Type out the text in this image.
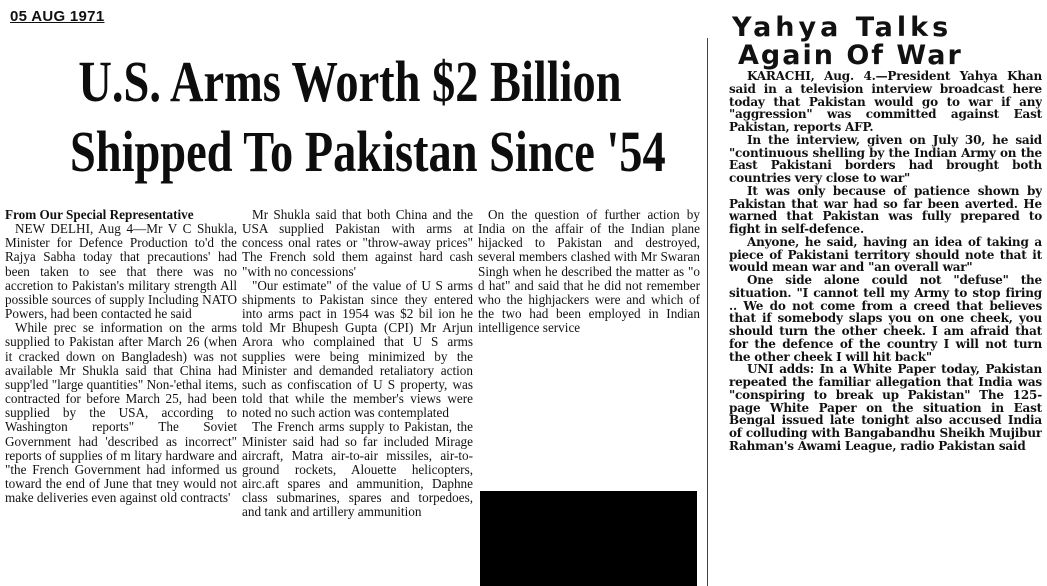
05 AUG 1971
U.S. Arms Worth $2 Billion
Shipped To Pakistan Since '54

From Our Special Representative

NEW DELHI, Aug 4—Mr V C Shukla, Minister for Defence Production to'd the Rajya Sabha today that precautions' had been taken to see that there was no accretion to Pakistan's military strength All possible sources of supply Including NATO Powers, had been contacted he said

While prec se information on the arms supplied to Pakistan after March 26 (when it cracked down on Bangladesh) was not available Mr Shukla said that China had supp'led "large quantities" Non-'ethal items, contracted for before March 25, had been supplied by the USA, according to Washington reports" The Soviet Government had 'described as incorrect" reports of supplies of m litary hardware and "the French Government had informed us toward the end of June that tney would not make deliveries even against old contracts'

Mr Shukla said that both China and the USA supplied Pakistan with arms at concess onal rates or "throw-away prices" The French sold them against hard cash "with no concessions'

"Our estimate" of the value of U S arms shipments to Pakistan since they entered into arms pact in 1954 was $2 bil ion he told Mr Bhupesh Gupta (CPI) Mr Arjun Arora who complained that U S arms supplies were being minimized by the Minister and demanded retaliatory action such as confiscation of U S property, was told that while the member's views were noted no such action was contemplated

The French arms supply to Pakistan, the Minister said had so far included Mirage aircraft, Matra air-to-air missiles, air-to-ground rockets, Alouette helicopters, airc.aft spares and ammunition, Daphne class submarines, spares and torpedoes, and tank and artillery ammunition

On the question of further action by India on the affair of the Indian plane hijacked to Pakistan and destroyed, several members clashed with Mr Swaran Singh when he described the matter as "o d hat" and said that he did not remember who the highjackers were and which of the two had been employed in Indian intelligence service

Yahya Talks
Again Of War

KARACHI, Aug. 4.—President Yahya Khan said in a television interview broadcast here today that Pakistan would go to war if any "aggression" was committed against East Pakistan, reports AFP.

In the interview, given on July 30, he said "continuous shelling by the Indian Army on the East Pakistani borders had brought both countries very close to war"

It was only because of patience shown by Pakistan that war had so far been averted. He warned that Pakistan was fully prepared to fight in self-defence.

Anyone, he said, having an idea of taking a piece of Pakistani territory should note that it would mean war and "an overall war"

One side alone could not "defuse" the situation. "I cannot tell my Army to stop firing .. We do not come from a creed that believes that if somebody slaps you on one cheek, you should turn the other cheek. I am afraid that for the defence of the country I will not turn the other cheek I will hit back"

UNI adds: In a White Paper today, Pakistan repeated the familiar allegation that India was "conspiring to break up Pakistan" The 125-page White Paper on the situation in East Bengal issued late tonight also accused India of colluding with Bangabandhu Sheikh Mujibur Rahman's Awami League, radio Pakistan said
